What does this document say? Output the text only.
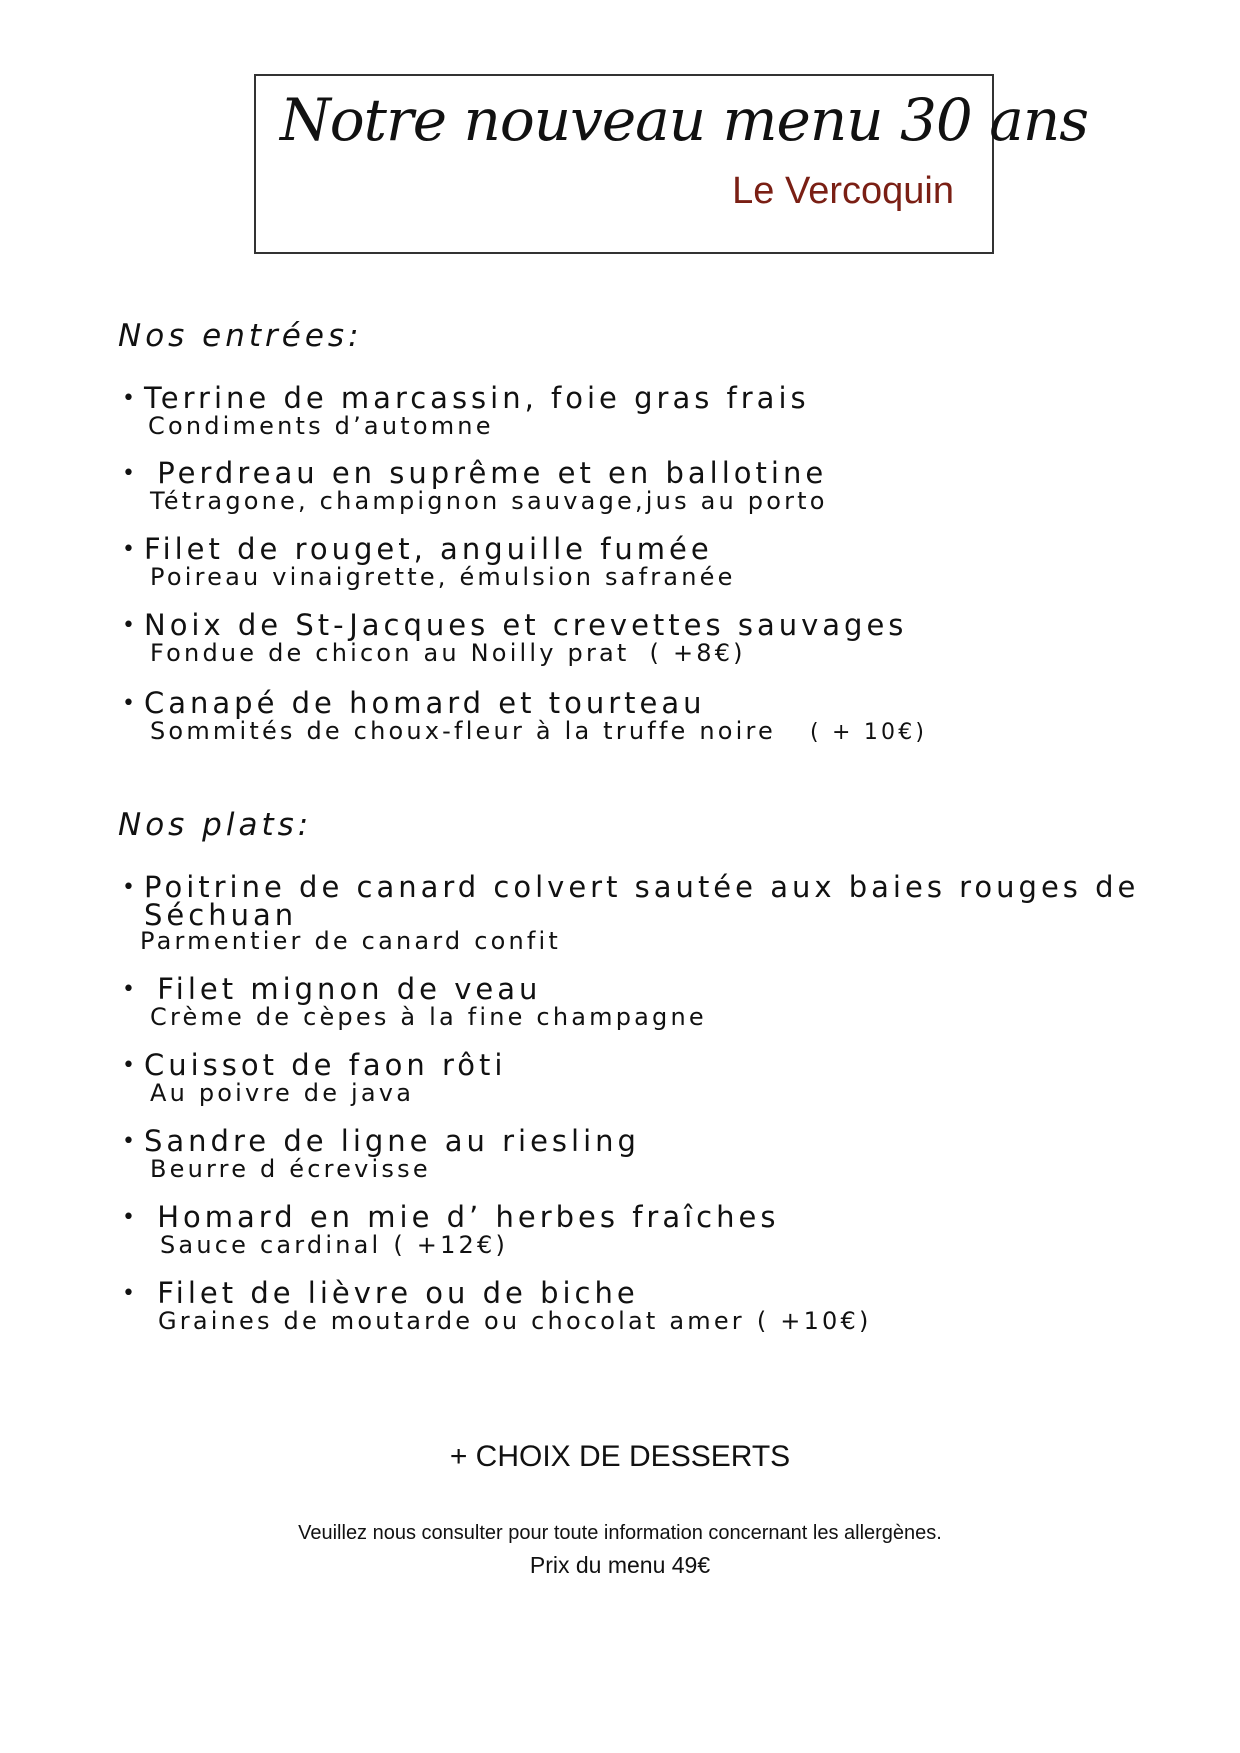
Notre nouveau menu 30 ans
Le Vercoquin
Nos entrées:
• Terrine de marcassin, foie gras frais
Condiments d’automne
• Perdreau en suprême et en ballotine
Tétragone, champignon sauvage,jus au porto
• Filet de rouget, anguille fumée
Poireau vinaigrette, émulsion safranée
• Noix de St-Jacques et crevettes sauvages
Fondue de chicon au Noilly prat ( +8€)
• Canapé de homard et tourteau
Sommités de choux-fleur à la truffe noire ( + 10€)
Nos plats:
• Poitrine de canard colvert sautée aux baies rouges de
Séchuan
Parmentier de canard confit
• Filet mignon de veau
Crème de cèpes à la fine champagne
• Cuissot de faon rôti
Au poivre de java
• Sandre de ligne au riesling
Beurre d écrevisse
• Homard en mie d’ herbes fraîches
Sauce cardinal ( +12€)
• Filet de lièvre ou de biche
Graines de moutarde ou chocolat amer ( +10€)
+ CHOIX DE DESSERTS
Veuillez nous consulter pour toute information concernant les allergènes.
Prix du menu 49€
